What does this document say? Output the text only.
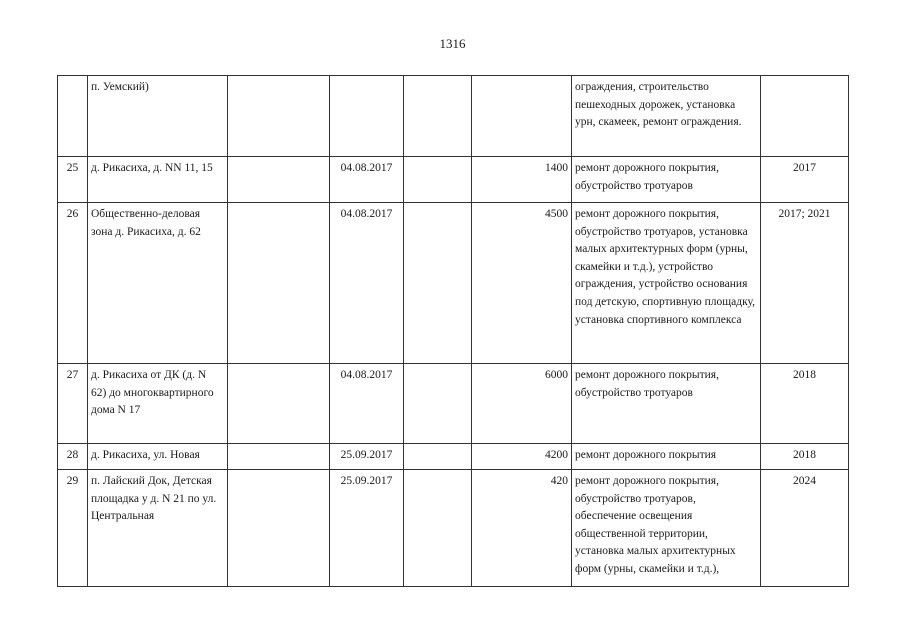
1316
	п. Уемский)					ограждения, строительство пешеходных дорожек, установка урн, скамеек, ремонт ограждения.	
25	д. Рикасиха, д. NN 11, 15		04.08.2017		1400	ремонт дорожного покрытия, обустройство тротуаров	2017
26	Общественно-деловая зона д. Рикасиха, д. 62		04.08.2017		4500	ремонт дорожного покрытия, обустройство тротуаров, установка малых архитектурных форм (урны, скамейки и т.д.), устройство ограждения, устройство основания под детскую, спортивную площадку, установка спортивного комплекса	2017; 2021
27	д. Рикасиха от ДК (д. N 62) до многоквартирного дома N 17		04.08.2017		6000	ремонт дорожного покрытия, обустройство тротуаров	2018
28	д. Рикасиха, ул. Новая		25.09.2017		4200	ремонт дорожного покрытия	2018
29	п. Лайский Док, Детская площадка у д. N 21 по ул. Центральная		25.09.2017		420	ремонт дорожного покрытия, обустройство тротуаров, обеспечение освещения общественной территории, установка малых архитектурных форм (урны, скамейки и т.д.),	2024
